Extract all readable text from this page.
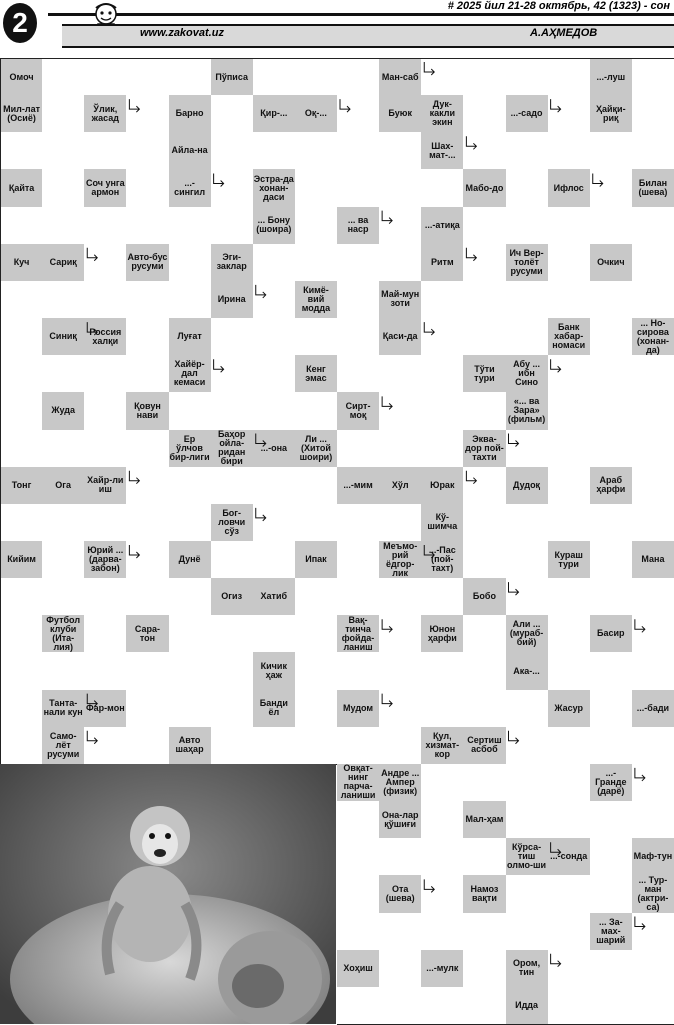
2
# 2025 йил 21-28 октябрь, 42 (1323) - сон
www.zakovat.uz	А.АҲМЕДОВ
Омоч	Пўписа	Ман-саб	...-луш
Мил-лат (Осиё)
Ўлик, жасад	Барно	Қир-... Оқ-...	Буюк
Дук-какли экин
...-садо	Ҳайқи-риқ
Айла-на	Шах-мат-...
Қайта	Соч унга армон
...-сингил
Эстра-да хонан-даси
Мабо-до	Ифлос	Билан (шева)
... Бону (шоира)
... ва наср	...-атиқа
Куч Сариқ	Авто-бус русуми
Эги-заклар	Ритм
Ич Вер-толёт русуми
Очкич
Ирина
Кимё-вий модда
Май-мун зоти
Синиқ	Россия халқи	Луғат	Қаси-да
Банк хабар-номаси
... Но-сирова (хонан-да)
Хайёр-дал кемаси
Кенг эмас
Тўти тури
Абу ... ибн Сино
Жуда	Қовун нави
Сирт-моқ
«... ва Зара» (фильм)
Ер ўлчов бир-лиги
Баҳор ойла-ридан бири
...-она
Ли ... (Хитой шоири)
Эква-дор пой-тахти
Тонг	Ога Хайр-ли иш	...-мим Хўл Юрак	Дудоқ	Араб ҳарфи
Бог-ловчи сўз
Кў-шимча
Кийим
Юрий ... (дарва-забон)
Дунё	Ипак
Меъмо-рий ёдгор-лик
...-Пас (пой-тахт)
Кураш тури	Мана
Огиз Хатиб	Бобо
Футбол клуби (Ита-лия)
Сара-тон
Вақ-тинча фойда-ланиш
Юнон ҳарфи
Али ... (мураб-бий)
Басир
Кичик ҳаж	Ака-...
Танта-нали кун Фар-мон	Банди ёл	Мудом	Жасур	...-бади
Само-лёт русуми
Авто шаҳар
Қул, хизмат-кор
Сертиш асбоб
Овқат-нинг парча-ланиши
Андре ... Ампер (физик)
...-Гранде (дарё)
Она-лар қўшиғи	Мал-ҳам
Кўрса-тиш олмо-ши
...-сонда	Маф-тун
Ота (шева)
Намоз вақти
... Тур-ман (актри-са)
... За-мах-шарий
Хоҳиш	...-мулк	Ором, тин
Идда
